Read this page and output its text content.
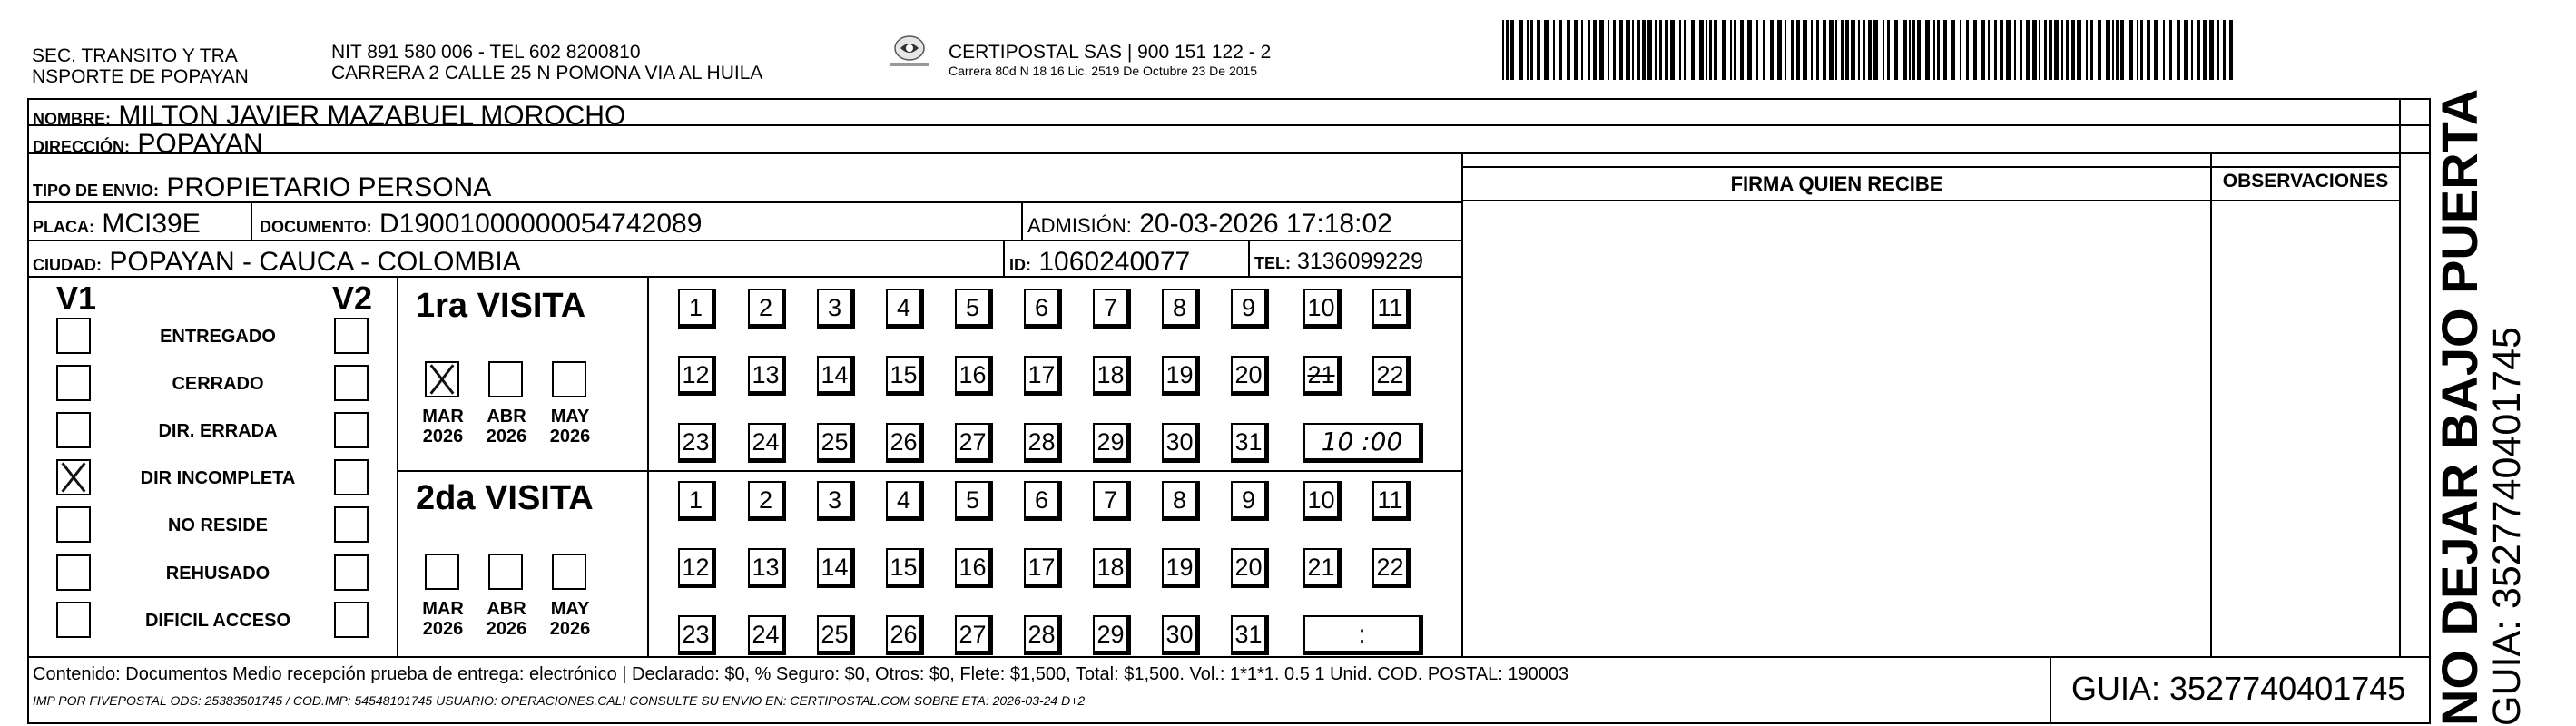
SEC. TRANSITO Y TRA
NSPORTE DE POPAYAN
NIT 891 580 006 - TEL 602 8200810
CARRERA 2 CALLE 25 N POMONA VIA AL HUILA
CERTIPOSTAL SAS | 900 151 122 - 2
Carrera 80d N 18 16 Lic. 2519 De Octubre 23 De 2015
NOMBRE: MILTON JAVIER MAZABUEL MOROCHO
DIRECCIÓN: POPAYAN
TIPO DE ENVIO: PROPIETARIO PERSONA
PLACA: MCI39E	DOCUMENTO: D19001000000054742089	ADMISIÓN: 20-03-2026 17:18:02
CIUDAD: POPAYAN - CAUCA - COLOMBIA	ID: 1060240077	TEL: 3136099229
FIRMA QUIEN RECIBE	OBSERVACIONES
V1	V2
ENTREGADO
CERRADO
DIR. ERRADA
DIR INCOMPLETA
NO RESIDE
REHUSADO
DIFICIL ACCESO
1ra VISITA
2da VISITA
MAR
2026
ABR
2026
MAY
2026
1	2	3	4	5	6	7	8	9	10 11
12 13 14 15 16 17 18 19 20 21 22
23 24 25 26 27 28 29 30 31	10 :00
MAR
2026
ABR
2026
MAY
2026
1	2	3	4	5	6	7	8	9	10 11
12 13 14 15 16 17 18 19 20 21 22
23 24 25 26 27 28 29 30 31	:	NO DEJAR BAJO PUERTA
GUIA: 3527740401745
Contenido: Documentos Medio recepción prueba de entrega: electrónico | Declarado: $0, % Seguro: $0, Otros: $0, Flete: $1,500, Total: $1,500. Vol.: 1*1*1. 0.5 1 Unid. COD. POSTAL: 190003
IMP POR FIVEPOSTAL ODS: 25383501745 / COD.IMP: 54548101745 USUARIO: OPERACIONES.CALI CONSULTE SU ENVIO EN: CERTIPOSTAL.COM SOBRE ETA: 2026-03-24 D+2	GUIA: 3527740401745
